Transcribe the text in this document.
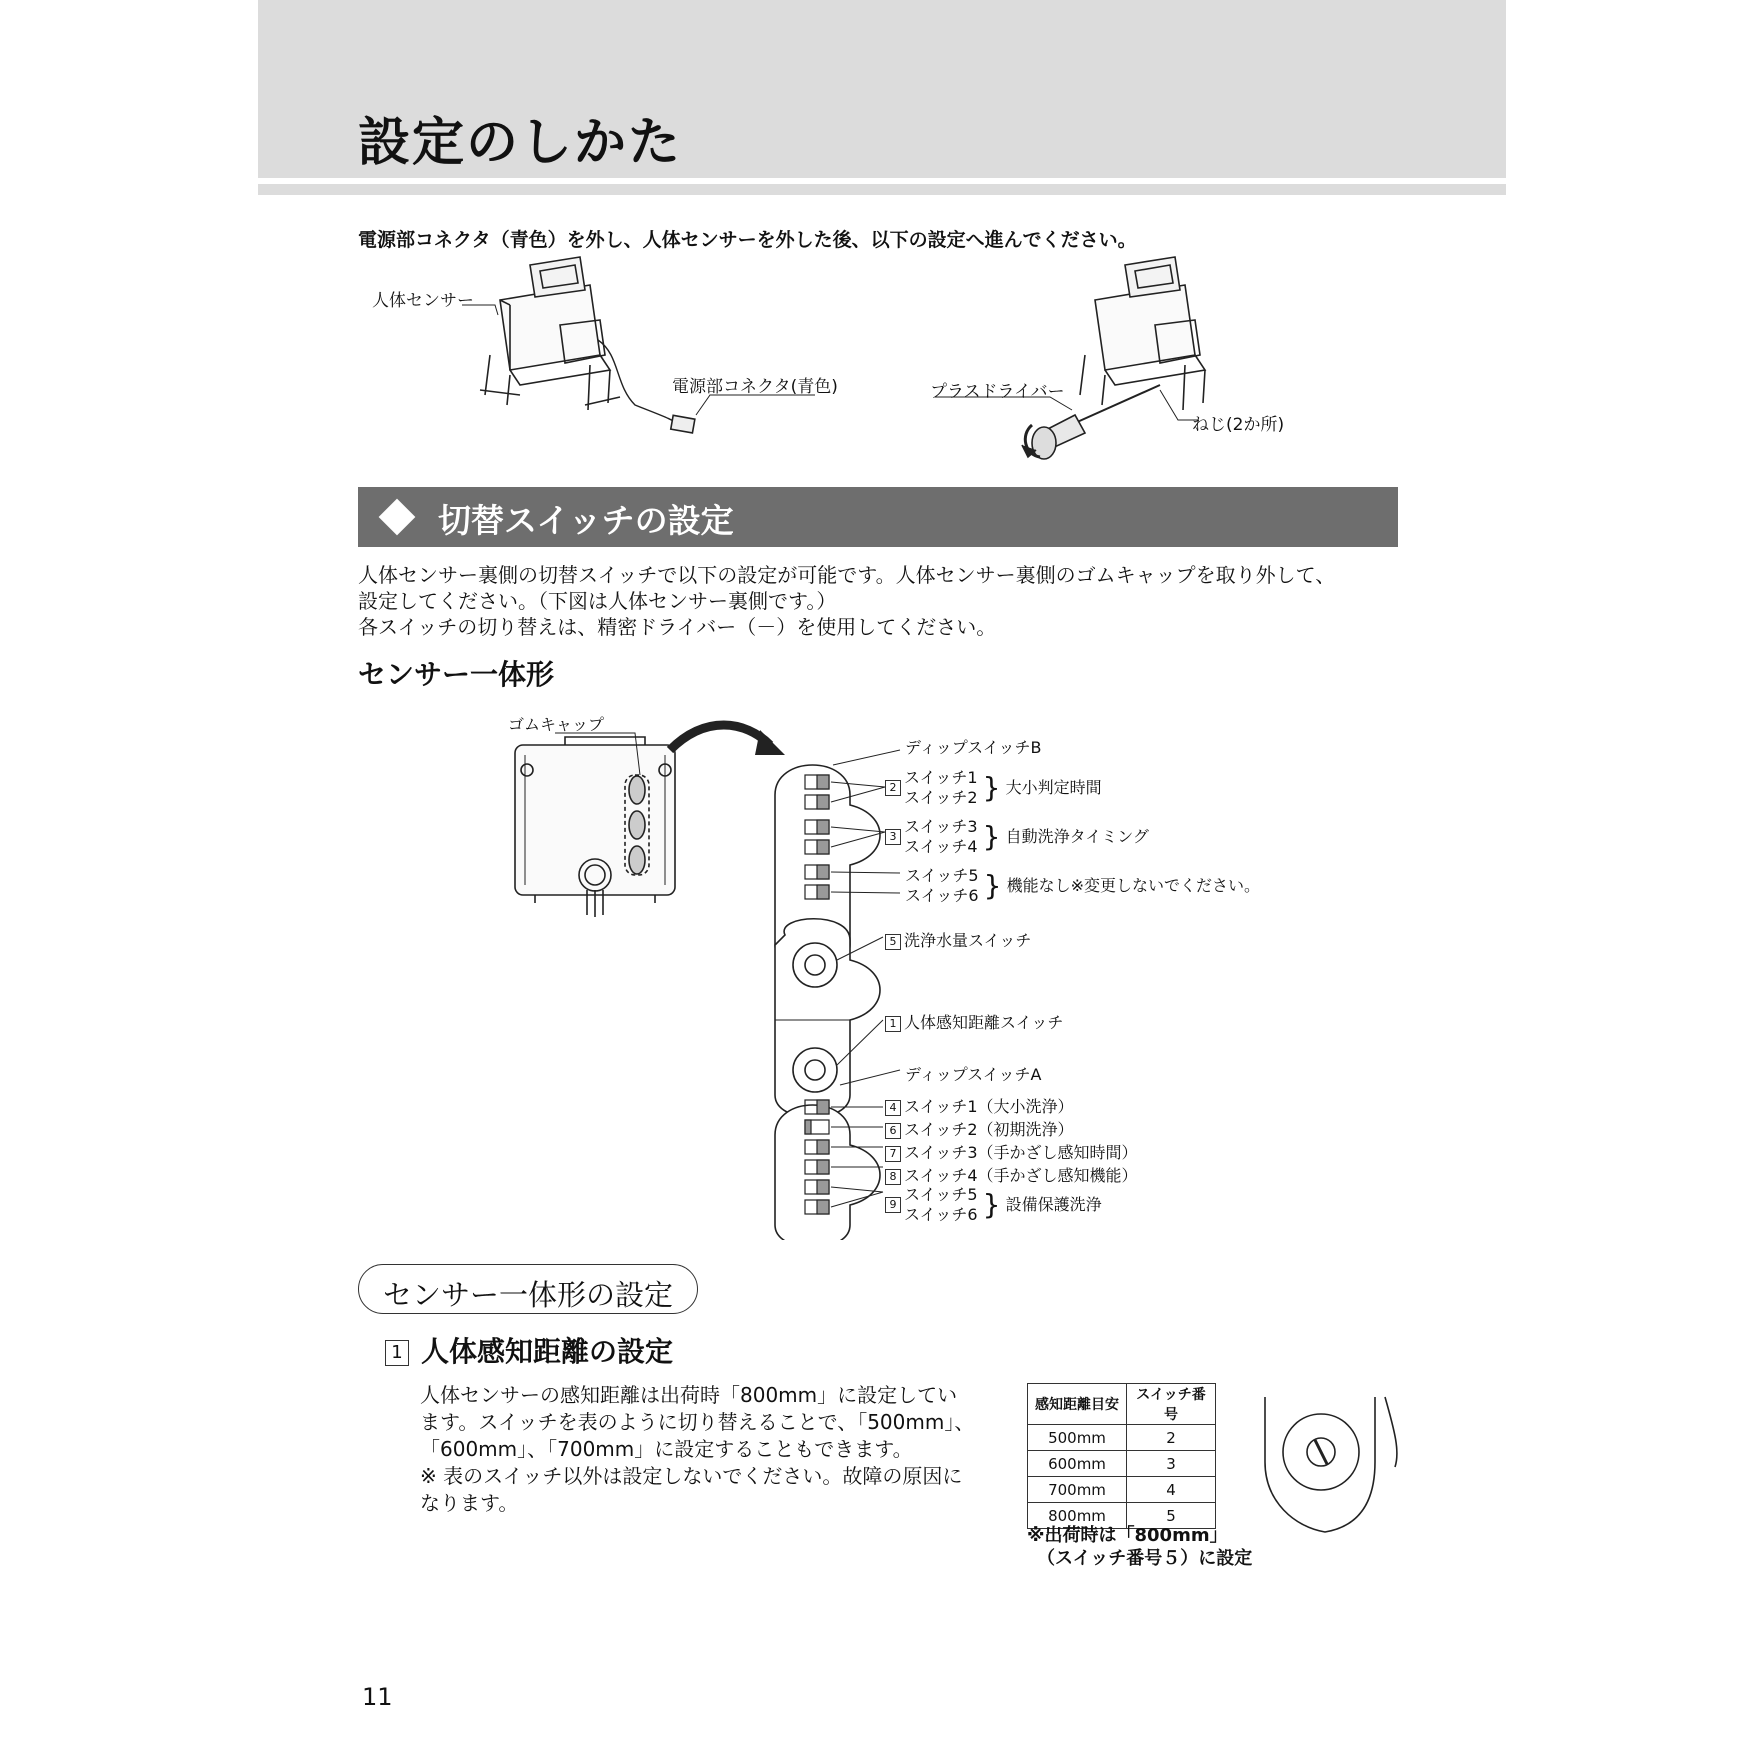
設定のしかた
電源部コネクタ（青色）を外し、人体センサーを外した後、以下の設定へ進んでください。
人体センサー
電源部コネクタ(青色)	プラスドライバー
ねじ(2か所)
切替スイッチの設定
人体センサー裏側の切替スイッチで以下の設定が可能です。人体センサー裏側のゴムキャップを取り外して、
設定してください。（下図は人体センサー裏側です。）
各スイッチの切り替えは、精密ドライバー（－）を使用してください。
センサー一体形
ゴムキャップ
ディップスイッチB
2
スイッチ1
スイッチ2 } 大小判定時間
3
スイッチ3
スイッチ4 } 自動洗浄タイミング
スイッチ5
スイッチ6 } 機能なし※変更しないでください。
5 洗浄水量スイッチ
1 人体感知距離スイッチ
ディップスイッチA
4 スイッチ1（大小洗浄）
6 スイッチ2（初期洗浄）
7 スイッチ3（手かざし感知時間）
8 スイッチ4（手かざし感知機能）
9
スイッチ5
スイッチ6 } 設備保護洗浄
センサー一体形の設定
1 人体感知距離の設定
人体センサーの感知距離は出荷時「800mm」に設定してい
ます。スイッチを表のように切り替えることで、「500mm」、
「600mm」、「700mm」に設定することもできます。
※ 表のスイッチ以外は設定しないでください。故障の原因に
なります。
感知距離目安	スイッチ番号
500mm	2
600mm	3
700mm	4
800mm	5
※出荷時は「800mm」
（スイッチ番号５）に設定
11
